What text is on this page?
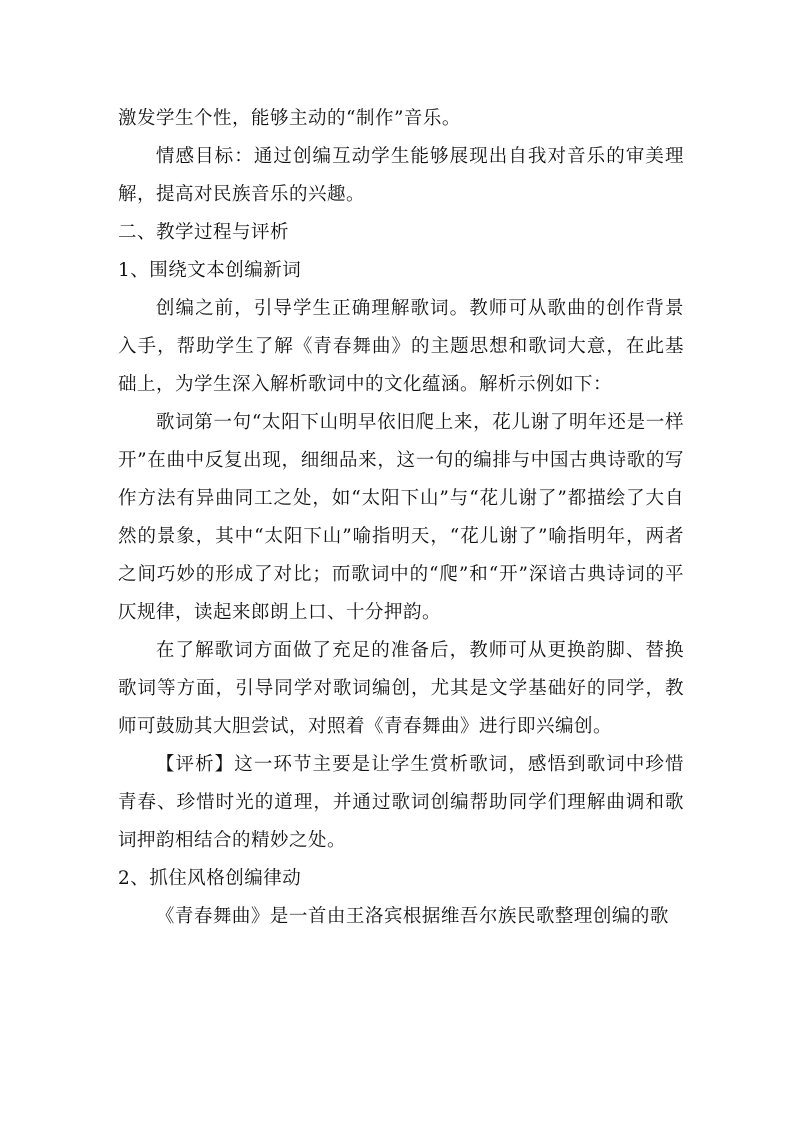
激发学生个性，能够主动的“制作”音乐。

情感目标：通过创编互动学生能够展现出自我对音乐的审美理解，提高对民族音乐的兴趣。

二、教学过程与评析

1、围绕文本创编新词

创编之前，引导学生正确理解歌词。教师可从歌曲的创作背景入手，帮助学生了解《青春舞曲》的主题思想和歌词大意，在此基础上，为学生深入解析歌词中的文化蕴涵。解析示例如下：

歌词第一句“太阳下山明早依旧爬上来，花儿谢了明年还是一样开”在曲中反复出现，细细品来，这一句的编排与中国古典诗歌的写作方法有异曲同工之处，如“太阳下山”与“花儿谢了”都描绘了大自然的景象，其中“太阳下山”喻指明天，“花儿谢了”喻指明年，两者之间巧妙的形成了对比；而歌词中的“爬”和“开”深谙古典诗词的平仄规律，读起来郎朗上口、十分押韵。

在了解歌词方面做了充足的准备后，教师可从更换韵脚、替换歌词等方面，引导同学对歌词编创，尤其是文学基础好的同学，教师可鼓励其大胆尝试，对照着《青春舞曲》进行即兴编创。

【评析】这一环节主要是让学生赏析歌词，感悟到歌词中珍惜青春、珍惜时光的道理，并通过歌词创编帮助同学们理解曲调和歌词押韵相结合的精妙之处。

2、抓住风格创编律动

《青春舞曲》是一首由王洛宾根据维吾尔族民歌整理创编的歌
